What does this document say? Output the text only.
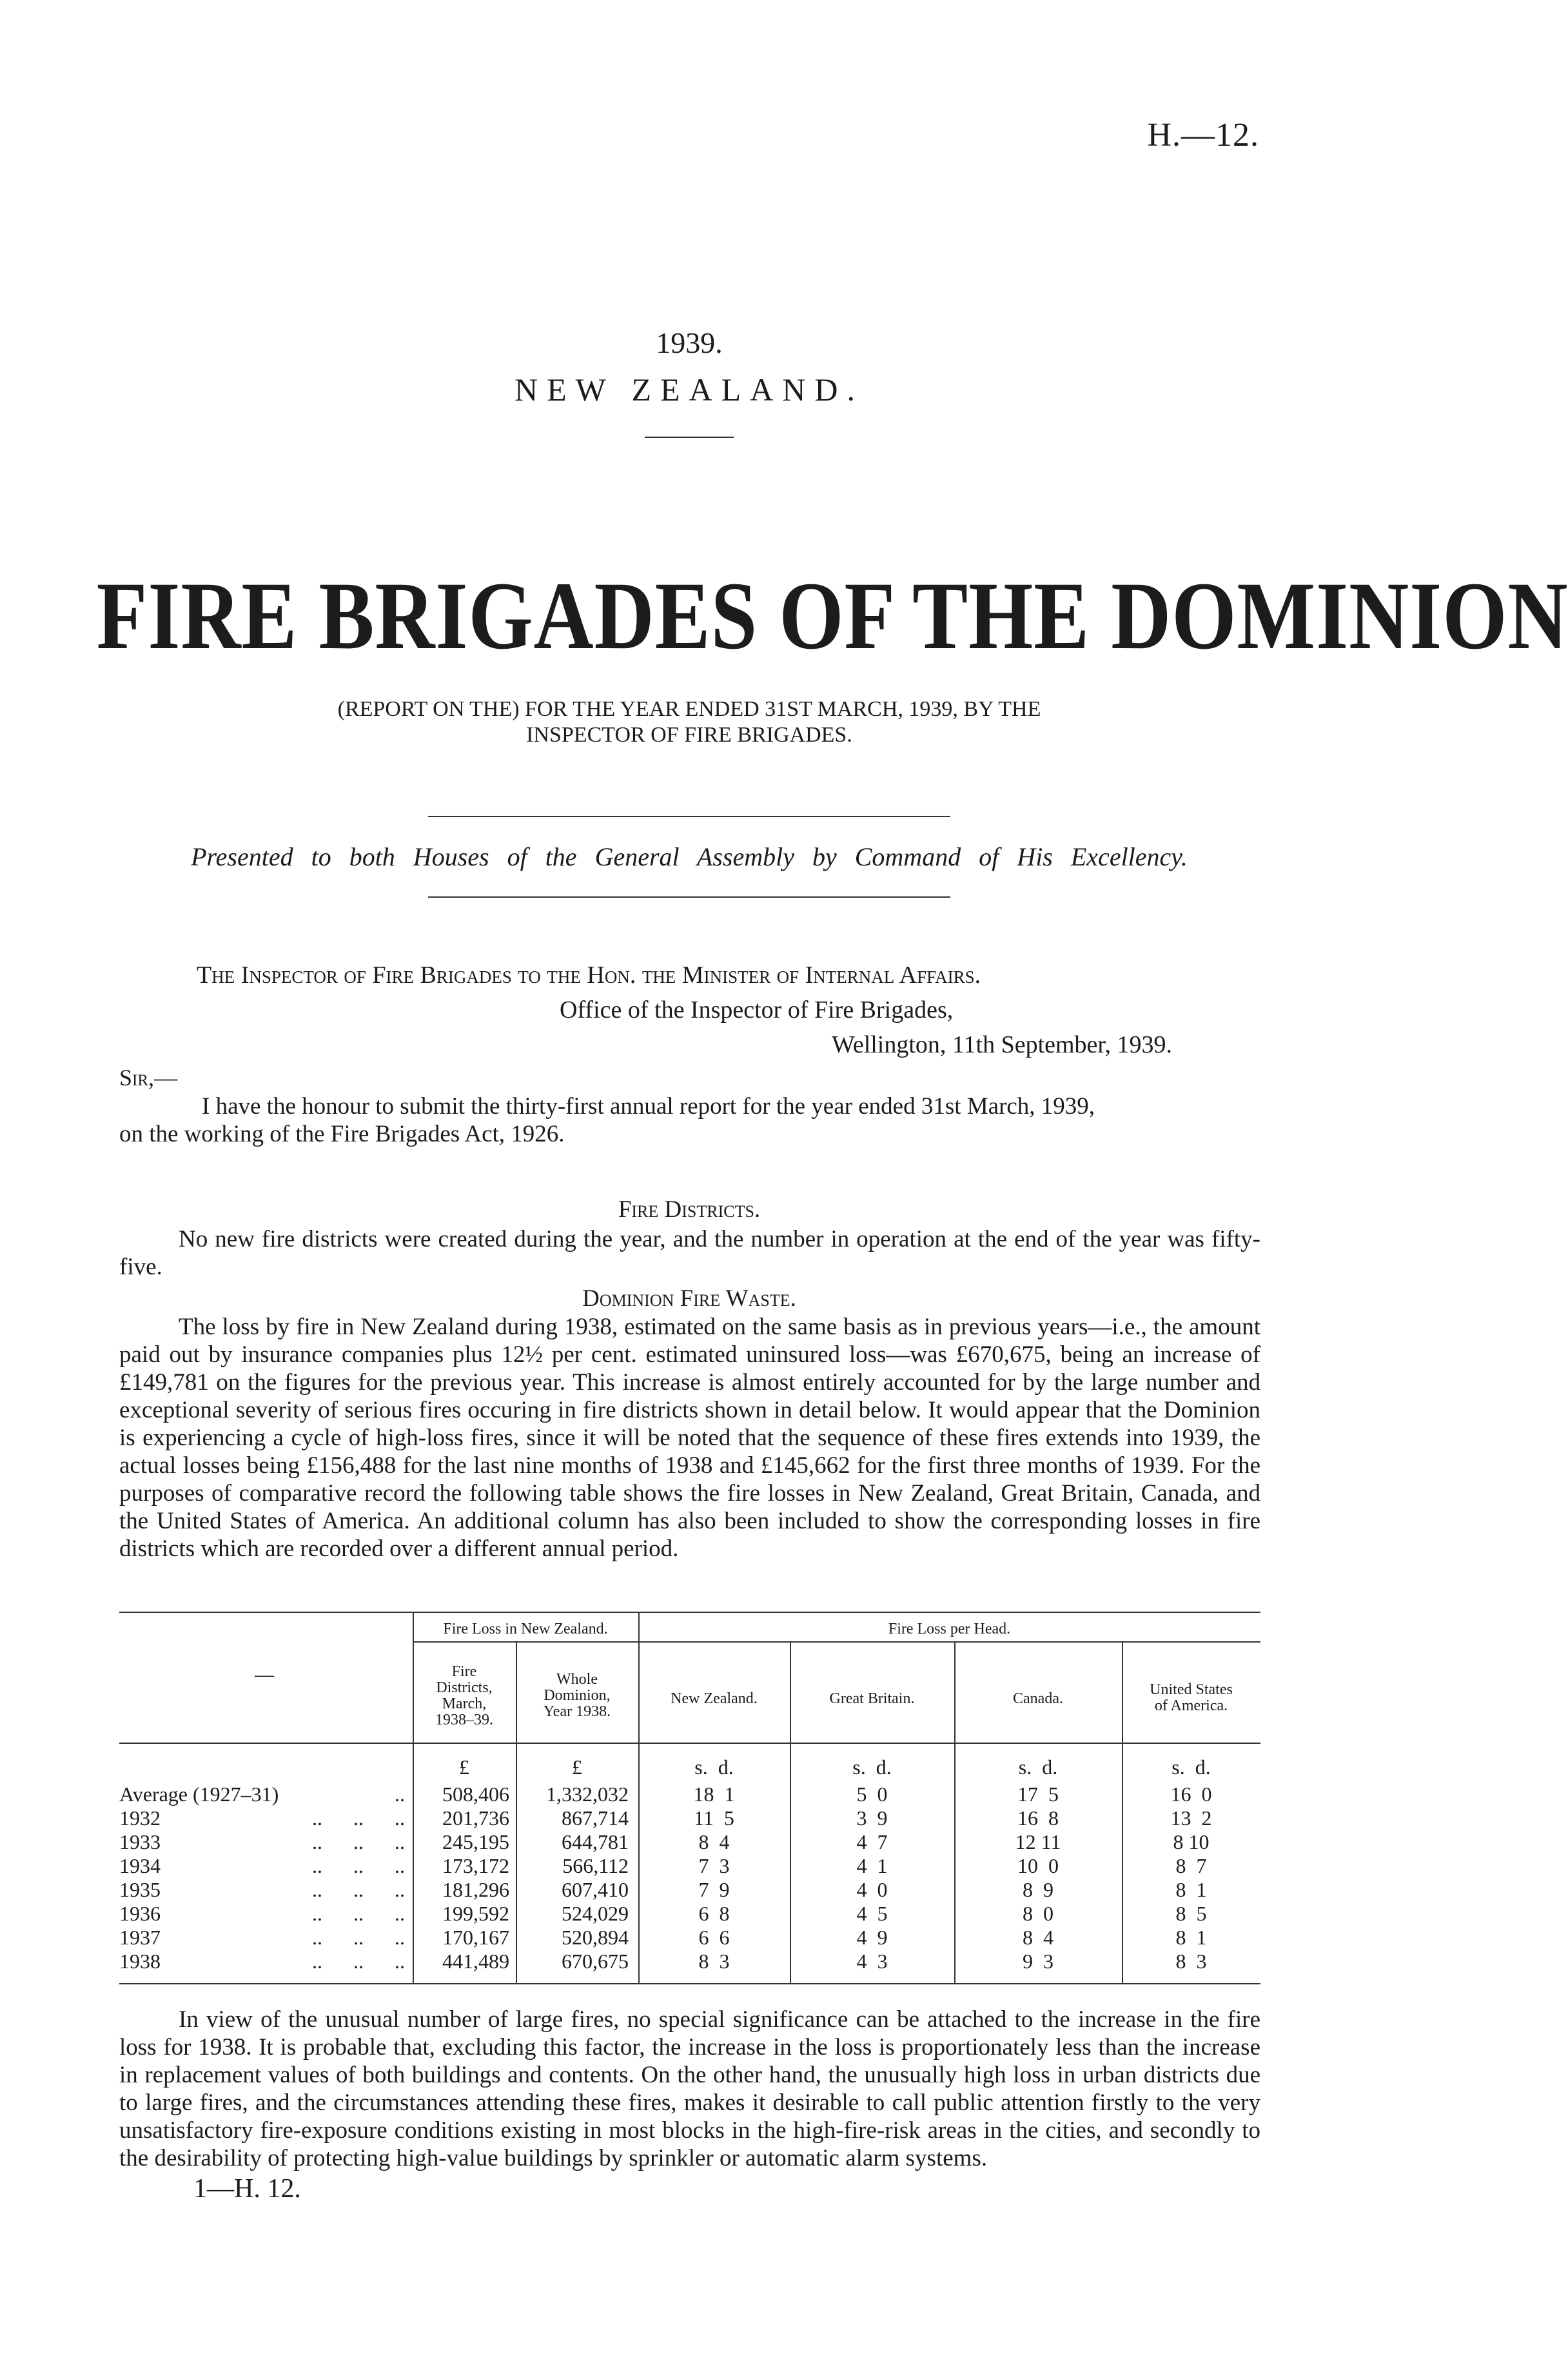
H.—12.
1939.
NEW ZEALAND.
FIRE BRIGADES OF THE DOMINION
(REPORT ON THE) FOR THE YEAR ENDED 31ST MARCH, 1939, BY THE
INSPECTOR OF FIRE BRIGADES.
Presented to both Houses of the General Assembly by Command of His Excellency.
The Inspector of Fire Brigades to the Hon. the Minister of Internal Affairs.
Office of the Inspector of Fire Brigades,
Wellington, 11th September, 1939.
Sir,—
I have the honour to submit the thirty-first annual report for the year ended 31st March, 1939,
on the working of the Fire Brigades Act, 1926.
Fire Districts.
No new fire districts were created during the year, and the number in operation at the end of the year was fifty-five.
Dominion Fire Waste.
The loss by fire in New Zealand during 1938, estimated on the same basis as in previous years—i.e., the amount paid out by insurance companies plus 12½ per cent. estimated uninsured loss—was £670,675, being an increase of £149,781 on the figures for the previous year. This increase is almost entirely accounted for by the large number and exceptional severity of serious fires occuring in fire districts shown in detail below. It would appear that the Dominion is experiencing a cycle of high-loss fires, since it will be noted that the sequence of these fires extends into 1939, the actual losses being £156,488 for the last nine months of 1938 and £145,662 for the first three months of 1939. For the purposes of comparative record the following table shows the fire losses in New Zealand, Great Britain, Canada, and the United States of America. An additional column has also been included to show the corresponding losses in fire districts which are recorded over a different annual period.
—
Fire Loss in New Zealand.	Fire Loss per Head.
Fire
Districts,
March,
1938–39.
Whole
Dominion,
Year 1938.
New Zealand.	Great Britain.	Canada.
United States
of America.
£	£	s.  d.	s.  d.	s.  d.	s.  d.
Average (1927–31)	..	508,406	1,332,032	18  1	5  0	17  5	16  0
1932	..      ..      ..	201,736	867,714	11  5	3  9	16  8	13  2
1933	..      ..      ..	245,195	644,781	8  4	4  7	12 11	8 10
1934	..      ..      ..	173,172	566,112	7  3	4  1	10  0	8  7
1935	..      ..      ..	181,296	607,410	7  9	4  0	8  9	8  1
1936	..      ..      ..	199,592	524,029	6  8	4  5	8  0	8  5
1937	..      ..      ..	170,167	520,894	6  6	4  9	8  4	8  1
1938	..      ..      ..	441,489	670,675	8  3	4  3	9  3	8  3
In view of the unusual number of large fires, no special significance can be attached to the increase in the fire loss for 1938. It is probable that, excluding this factor, the increase in the loss is proportionately less than the increase in replacement values of both buildings and contents. On the other hand, the unusually high loss in urban districts due to large fires, and the circumstances attending these fires, makes it desirable to call public attention firstly to the very unsatisfactory fire-exposure conditions existing in most blocks in the high-fire-risk areas in the cities, and secondly to the desirability of protecting high-value buildings by sprinkler or automatic alarm systems.
1—H. 12.
